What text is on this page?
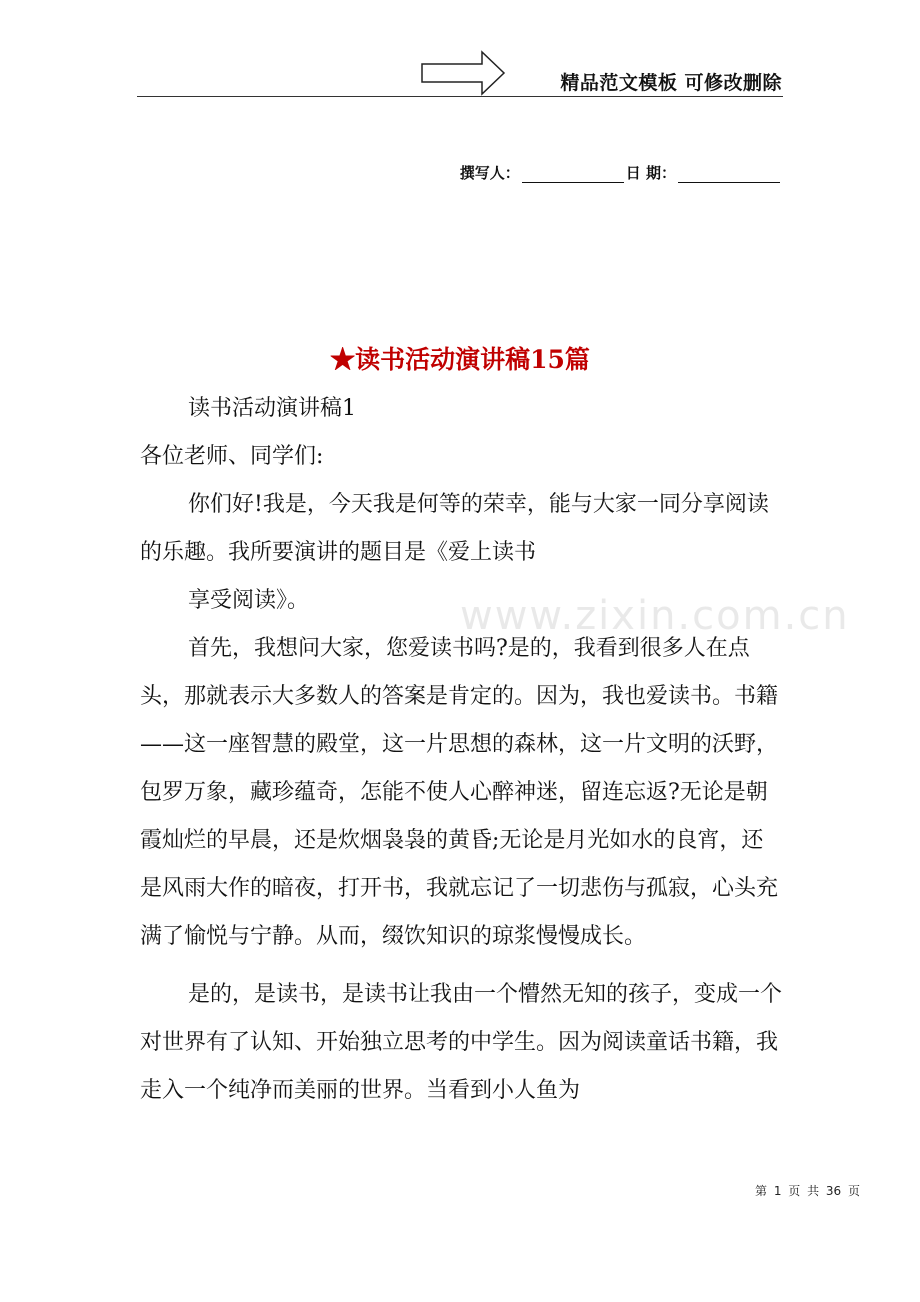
精品范文模板 可修改删除
撰写人：	日 期：
www.zixin.com.cn
★读书活动演讲稿15篇

读书活动演讲稿1

各位老师、同学们:

你们好!我是，今天我是何等的荣幸，能与大家一同分享阅读的乐趣。我所要演讲的题目是《爱上读书

享受阅读》。

首先，我想问大家，您爱读书吗?是的，我看到很多人在点头，那就表示大多数人的答案是肯定的。因为，我也爱读书。书籍——这一座智慧的殿堂，这一片思想的森林，这一片文明的沃野，包罗万象，藏珍蕴奇，怎能不使人心醉神迷，留连忘返?无论是朝霞灿烂的早晨，还是炊烟袅袅的黄昏;无论是月光如水的良宵，还是风雨大作的暗夜，打开书，我就忘记了一切悲伤与孤寂，心头充满了愉悦与宁静。从而，缀饮知识的琼浆慢慢成长。

是的，是读书，是读书让我由一个懵然无知的孩子，变成一个对世界有了认知、开始独立思考的中学生。因为阅读童话书籍，我走入一个纯净而美丽的世界。当看到小人鱼为

第 1 页 共 36 页
